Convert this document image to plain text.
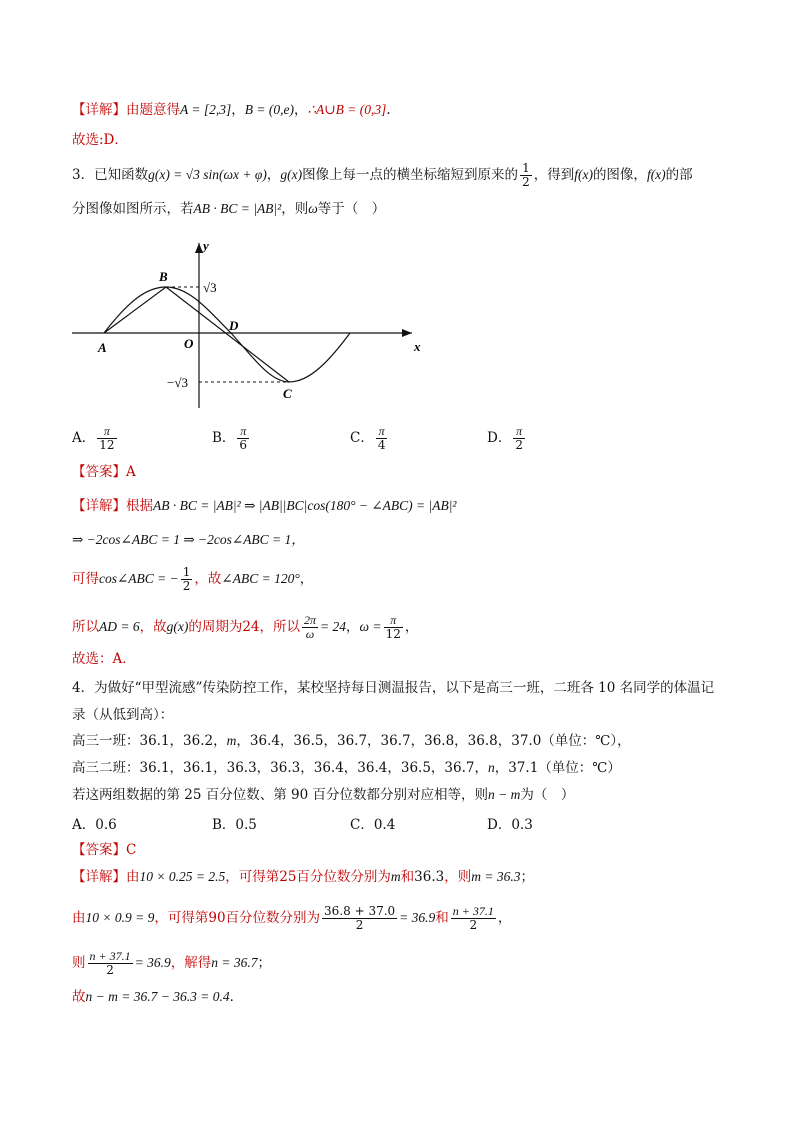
【详解】由题意得A = [2,3]，B = (0,e)，∴A∪B = (0,3].
故选:D．
3．已知函数g(x) = √3 sin(ωx + φ)，g(x)图像上每一点的横坐标缩短到原来的 $\frac{1}{2}$ ，得到f(x)的图像，f(x)的部
分图像如图所示，若AB · BC = |AB|²，则ω等于（　）
y
x
O
A
B
C
D
√3
−√3
A． $\frac{\pi}{12}$	B． $\frac{\pi}{6}$	C． $\frac{\pi}{4}$	D． $\frac{\pi}{2}$
【答案】A
【详解】根据AB · BC = |AB|² ⇒ |AB||BC|cos(180° − ∠ABC) = |AB|²
⇒ −2cos∠ABC = 1 ⇒ −2cos∠ABC = 1，
可得cos∠ABC = − $\frac{1}{2}$ ，故∠ABC = 120°，
所以AD = 6，故g(x)的周期为24，所以 $\frac{2\pi}{\omega} = 24$，$\omega = \frac{\pi}{12}$ ，
故选：A．
4．为做好“甲型流感”传染防控工作，某校坚持每日测温报告，以下是高三一班，二班各 10 名同学的体温记
录（从低到高）：
高三一班：36.1，36.2，m，36.4，36.5，36.7，36.7，36.8，36.8，37.0（单位：℃），
高三二班：36.1，36.1，36.3，36.3，36.4，36.4，36.5，36.7，n，37.1（单位：℃）
若这两组数据的第 25 百分位数、第 90 百分位数都分别对应相等，则n − m为（　）
A．0.6	B．0.5	C．0.4	D．0.3
【答案】C
【详解】由10 × 0.25 = 2.5，可得第25百分位数分别为m和36.3，则m = 36.3；
由10 × 0.9 = 9，可得第90百分位数分别为 $\frac{36.8 + 37.0}{2} = 36.9$和 $\frac{n + 37.1}{2}$ ，
则 $\frac{n + 37.1}{2} = 36.9$，解得n = 36.7；
故n − m = 36.7 − 36.3 = 0.4．
